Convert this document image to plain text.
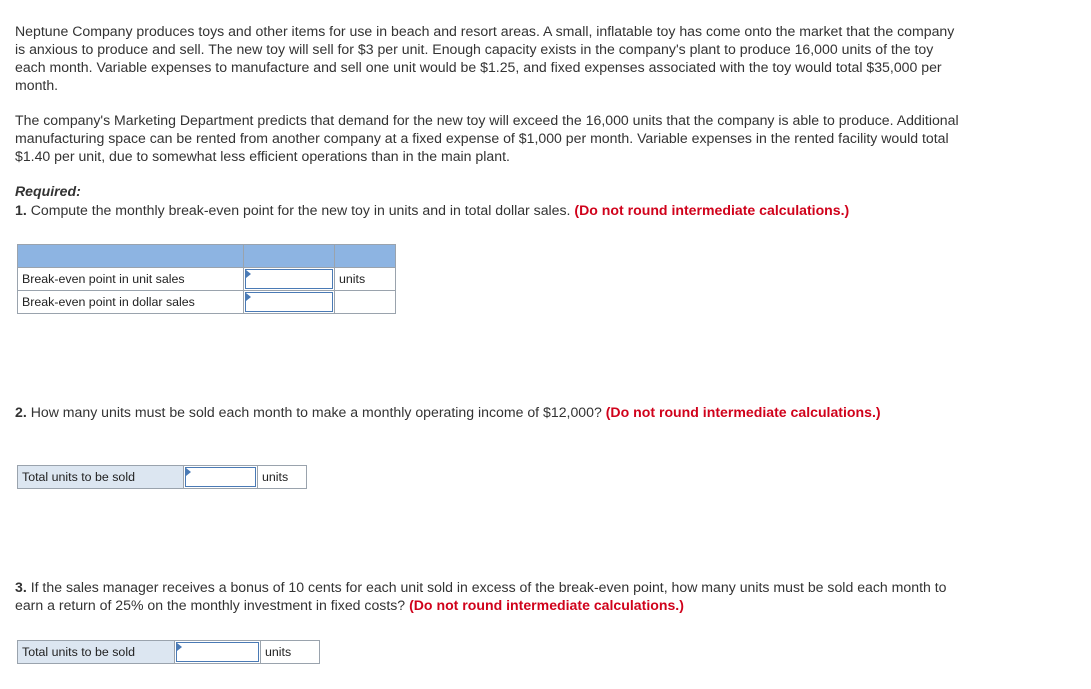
Neptune Company produces toys and other items for use in beach and resort areas. A small, inflatable toy has come onto the market that the company is anxious to produce and sell. The new toy will sell for $3 per unit. Enough capacity exists in the company's plant to produce 16,000 units of the toy each month. Variable expenses to manufacture and sell one unit would be $1.25, and fixed expenses associated with the toy would total $35,000 per month.

The company's Marketing Department predicts that demand for the new toy will exceed the 16,000 units that the company is able to produce. Additional manufacturing space can be rented from another company at a fixed expense of $1,000 per month. Variable expenses in the rented facility would total $1.40 per unit, due to somewhat less efficient operations than in the main plant.

Required:

1. Compute the monthly break-even point for the new toy in units and in total dollar sales. (Do not round intermediate calculations.)

Break-even point in unit sales		units
Break-even point in dollar sales	

2. How many units must be sold each month to make a monthly operating income of $12,000? (Do not round intermediate calculations.)

Total units to be sold		units

3. If the sales manager receives a bonus of 10 cents for each unit sold in excess of the break-even point, how many units must be sold each month to earn a return of 25% on the monthly investment in fixed costs? (Do not round intermediate calculations.)

Total units to be sold		units
